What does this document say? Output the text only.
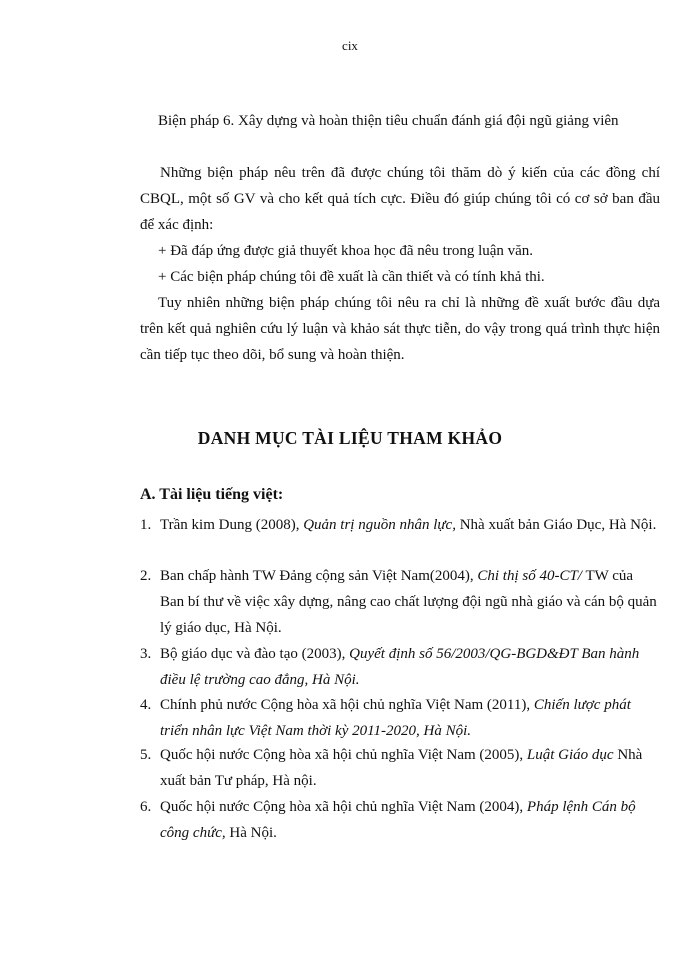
cix

Biện pháp 6. Xây dựng và hoàn thiện tiêu chuẩn đánh giá đội ngũ giảng viên

Những biện pháp nêu trên đã được chúng tôi thăm dò ý kiến của các đồng chí CBQL, một số GV và cho kết quả tích cực. Điều đó giúp chúng tôi có cơ sở ban đầu để xác định:

+ Đã đáp ứng được giả thuyết khoa học đã nêu trong luận văn.

+ Các biện pháp chúng tôi đề xuất là cần thiết và có tính khả thi.

Tuy nhiên những biện pháp chúng tôi nêu ra chỉ là những đề xuất bước đầu dựa trên kết quả nghiên cứu lý luận và khảo sát thực tiễn, do vậy trong quá trình thực hiện cần tiếp tục theo dõi, bổ sung và hoàn thiện.

DANH MỤC TÀI LIỆU THAM KHẢO
A. Tài liệu tiếng việt:
1. Trần kim Dung (2008), Quản trị nguồn nhân lực, Nhà xuất bản Giáo Dục, Hà Nội.
2. Ban chấp hành TW Đảng cộng sản Việt Nam(2004), Chi thị số 40-CT/ TW của Ban bí thư về việc xây dựng, nâng cao chất lượng đội ngũ nhà giáo và cán bộ quản lý giáo dục, Hà Nội.
3. Bộ giáo dục và đào tạo (2003), Quyết định số 56/2003/QG-BGD&ĐT Ban hành điều lệ trường cao đẳng, Hà Nội.
4. Chính phủ nước Cộng hòa xã hội chủ nghĩa Việt Nam (2011), Chiến lược phát triển nhân lực Việt Nam thời kỳ 2011-2020, Hà Nội.
5. Quốc hội nước Cộng hòa xã hội chủ nghĩa Việt Nam (2005), Luật Giáo dục Nhà xuất bản Tư pháp, Hà nội.
6. Quốc hội nước Cộng hòa xã hội chủ nghĩa Việt Nam (2004), Pháp lệnh Cán bộ công chức, Hà Nội.
